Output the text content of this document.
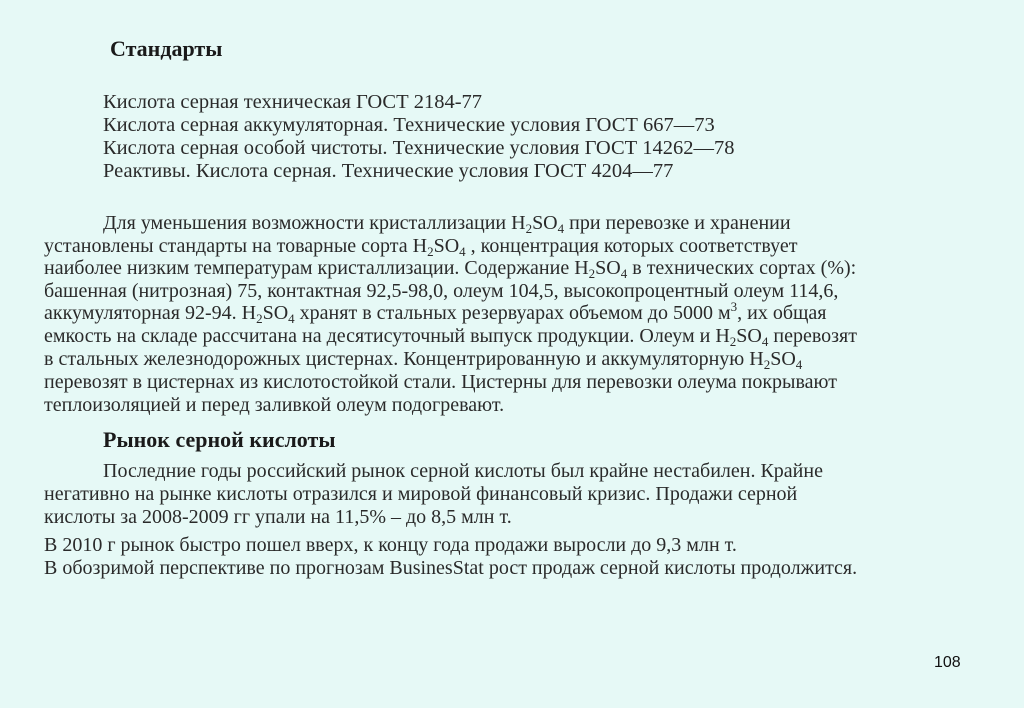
Стандарты
Кислота серная техническая ГОСТ 2184-77
Кислота серная аккумуляторная. Технические условия ГОСТ 667—73
Кислота серная особой чистоты. Технические условия ГОСТ 14262—78
Реактивы. Кислота серная. Технические условия ГОСТ 4204—77
Для уменьшения возможности кристаллизации $H_2SO_4$ при перевозке и хранении
установлены стандарты на товарные сорта $H_2SO_4$ , концентрация которых соответствует
наиболее низким температурам кристаллизации. Содержание $H_2SO_4$ в технических сортах (%):
башенная (нитрозная) 75, контактная 92,5-98,0, олеум 104,5, высокопроцентный олеум 114,6,
аккумуляторная 92-94. $H_2SO_4$ хранят в стальных резервуарах объемом до 5000 $м^3$, их общая
емкость на складе рассчитана на десятисуточный выпуск продукции. Олеум и $H_2SO_4$ перевозят
в стальных железнодорожных цистернах. Концентрированную и аккумуляторную $H_2SO_4$
перевозят в цистернах из кислотостойкой стали. Цистерны для перевозки олеума покрывают
теплоизоляцией и перед заливкой олеум подогревают.
Рынок серной кислоты
Последние годы российский рынок серной кислоты был крайне нестабилен. Крайне
негативно на рынке кислоты отразился и мировой финансовый кризис. Продажи серной
кислоты за 2008-2009 гг упали на 11,5% – до 8,5 млн т.
В 2010 г рынок быстро пошел вверх, к концу года продажи выросли до 9,3 млн т.
В обозримой перспективе по прогнозам BusinesStat рост продаж серной кислоты продолжится.
108
